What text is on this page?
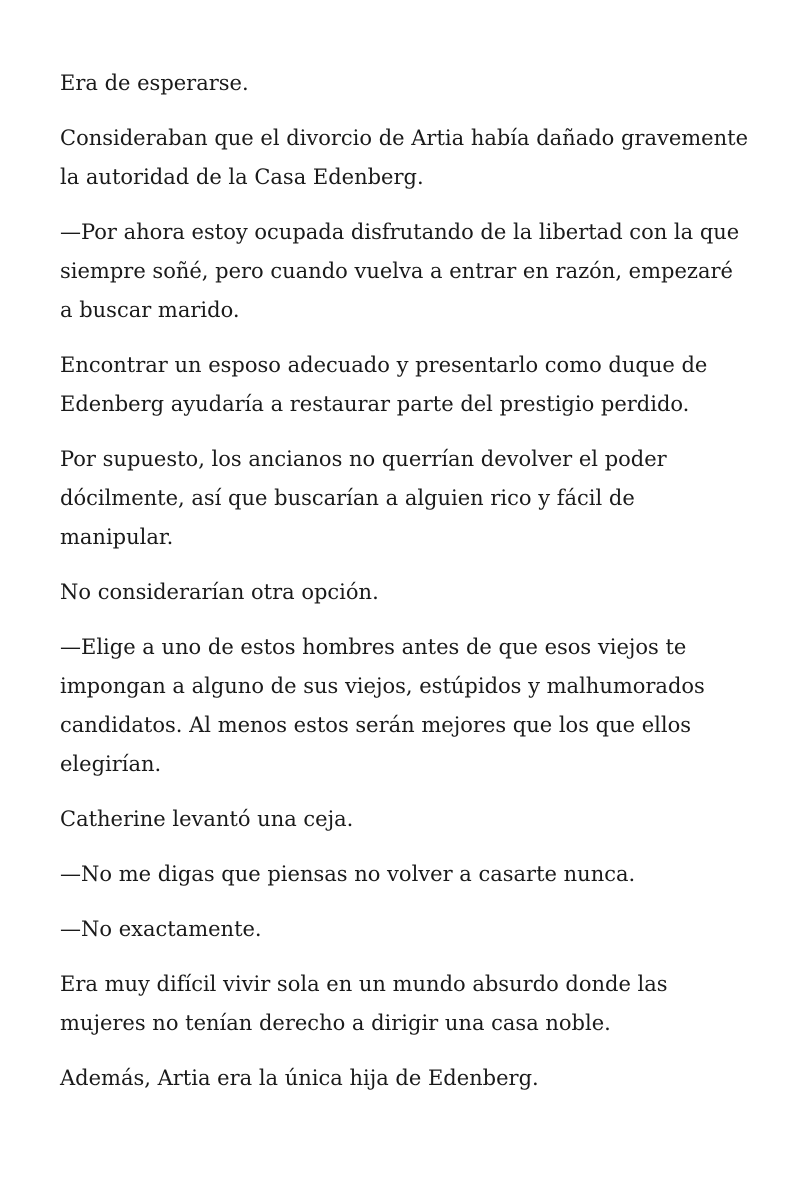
Era de esperarse.

Consideraban que el divorcio de Artia había dañado gravemente la autoridad de la Casa Edenberg.

—Por ahora estoy ocupada disfrutando de la libertad con la que siempre soñé, pero cuando vuelva a entrar en razón, empezaré a buscar marido.

Encontrar un esposo adecuado y presentarlo como duque de Edenberg ayudaría a restaurar parte del prestigio perdido.

Por supuesto, los ancianos no querrían devolver el poder dócilmente, así que buscarían a alguien rico y fácil de manipular.

No considerarían otra opción.

—Elige a uno de estos hombres antes de que esos viejos te impongan a alguno de sus viejos, estúpidos y malhumorados candidatos. Al menos estos serán mejores que los que ellos elegirían.

Catherine levantó una ceja.

—No me digas que piensas no volver a casarte nunca.

—No exactamente.

Era muy difícil vivir sola en un mundo absurdo donde las mujeres no tenían derecho a dirigir una casa noble.

Además, Artia era la única hija de Edenberg.
